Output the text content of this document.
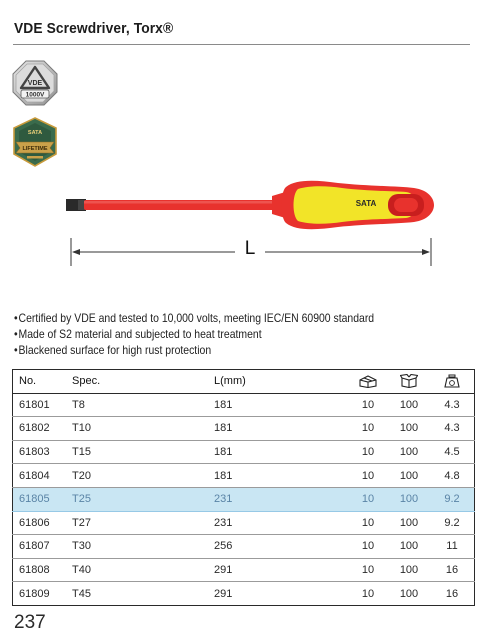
VDE Screwdriver, Torx®
VDE
1000V
SATA
LIFETIME
SATA
L
• Certified by VDE and tested to 10,000 volts, meeting IEC/EN 60900 standard
• Made of S2 material and subjected to heat treatment
• Blackened surface for high rust protection
No.	Spec.	L(mm)			
61801	T8	181	10	100	4.3
61802	T10	181	10	100	4.3
61803	T15	181	10	100	4.5
61804	T20	181	10	100	4.8
61805	T25	231	10	100	9.2
61806	T27	231	10	100	9.2
61807	T30	256	10	100	11
61808	T40	291	10	100	16
61809	T45	291	10	100	16

237
